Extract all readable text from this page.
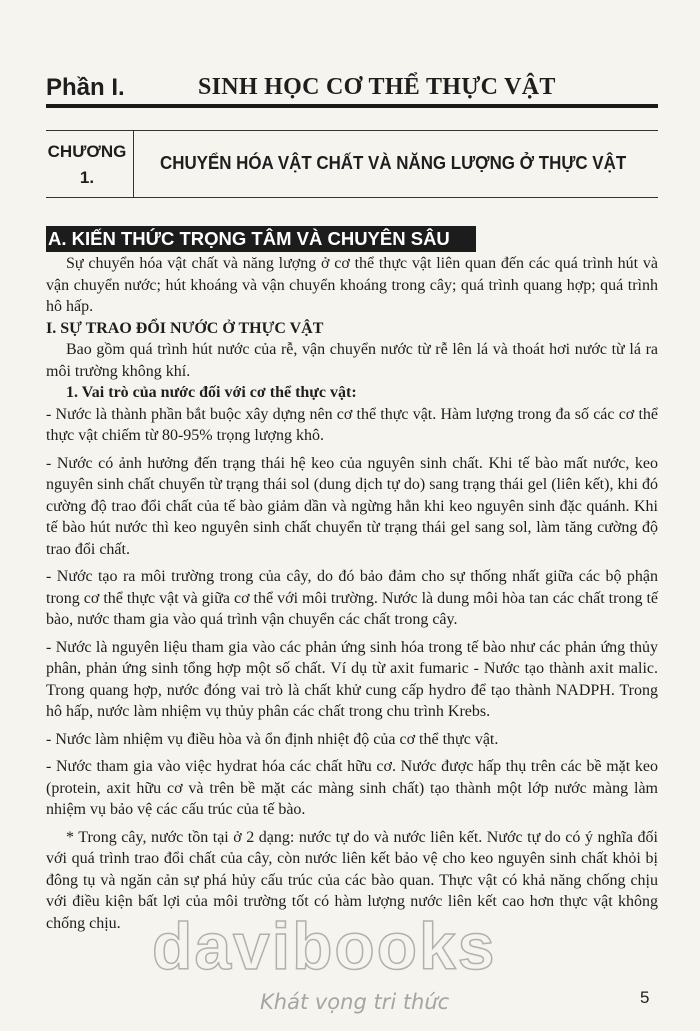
Phần I.	SINH HỌC CƠ THỂ THỰC VẬT
CHƯƠNG
1.
CHUYỂN HÓA VẬT CHẤT VÀ NĂNG LƯỢNG Ở THỰC VẬT
A. KIẾN THỨC TRỌNG TÂM VÀ CHUYÊN SÂU

Sự chuyển hóa vật chất và năng lượng ở cơ thể thực vật liên quan đến các quá trình hút và vận chuyển nước; hút khoáng và vận chuyển khoáng trong cây; quá trình quang hợp; quá trình hô hấp.

I. SỰ TRAO ĐỔI NƯỚC Ở THỰC VẬT

Bao gồm quá trình hút nước của rễ, vận chuyển nước từ rễ lên lá và thoát hơi nước từ lá ra môi trường không khí.

1. Vai trò của nước đối với cơ thể thực vật:

- Nước là thành phần bắt buộc xây dựng nên cơ thể thực vật. Hàm lượng trong đa số các cơ thể thực vật chiếm từ 80-95% trọng lượng khô.

- Nước có ảnh hưởng đến trạng thái hệ keo của nguyên sinh chất. Khi tế bào mất nước, keo nguyên sinh chất chuyển từ trạng thái sol (dung dịch tự do) sang trạng thái gel (liên kết), khi đó cường độ trao đổi chất của tế bào giảm dần và ngừng hẳn khi keo nguyên sinh đặc quánh. Khi tế bào hút nước thì keo nguyên sinh chất chuyển từ trạng thái gel sang sol, làm tăng cường độ trao đổi chất.

- Nước tạo ra môi trường trong của cây, do đó bảo đảm cho sự thống nhất giữa các bộ phận trong cơ thể thực vật và giữa cơ thể với môi trường. Nước là dung môi hòa tan các chất trong tế bào, nước tham gia vào quá trình vận chuyển các chất trong cây.

- Nước là nguyên liệu tham gia vào các phản ứng sinh hóa trong tế bào như các phản ứng thủy phân, phản ứng sinh tổng hợp một số chất. Ví dụ từ axit fumaric - Nước tạo thành axit malic. Trong quang hợp, nước đóng vai trò là chất khử cung cấp hydro để tạo thành NADPH. Trong hô hấp, nước làm nhiệm vụ thủy phân các chất trong chu trình Krebs.

- Nước làm nhiệm vụ điều hòa và ổn định nhiệt độ của cơ thể thực vật.

- Nước tham gia vào việc hydrat hóa các chất hữu cơ. Nước được hấp thụ trên các bề mặt keo (protein, axit hữu cơ và trên bề mặt các màng sinh chất) tạo thành một lớp nước màng làm nhiệm vụ bảo vệ các cấu trúc của tế bào.

* Trong cây, nước tồn tại ở 2 dạng: nước tự do và nước liên kết. Nước tự do có ý nghĩa đối với quá trình trao đổi chất của cây, còn nước liên kết bảo vệ cho keo nguyên sinh chất khỏi bị đông tụ và ngăn cản sự phá hủy cấu trúc của các bào quan. Thực vật có khả năng chống chịu với điều kiện bất lợi của môi trường tốt có hàm lượng nước liên kết cao hơn thực vật không chống chịu. davibooks
Khát vọng tri thức	5
